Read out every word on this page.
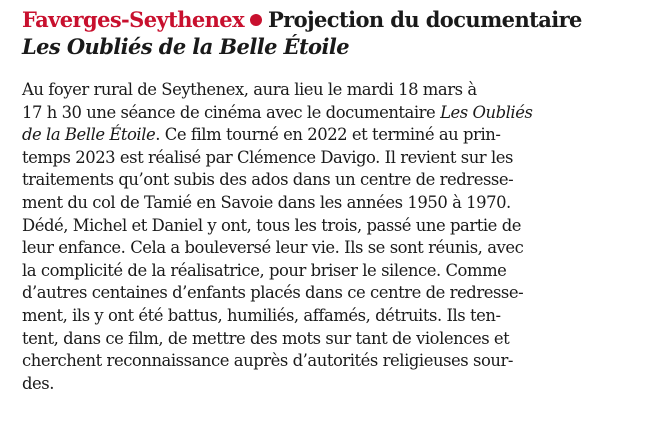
Faverges-Seythenex Projection du documentaire
Les Oubliés de la Belle Étoile

Au foyer rural de Seythenex, aura lieu le mardi 18 mars à
17 h 30 une séance de cinéma avec le documentaire Les Oubliés
de la Belle Étoile. Ce film tourné en 2022 et terminé au prin-
temps 2023 est réalisé par Clémence Davigo. Il revient sur les
traitements qu’ont subis des ados dans un centre de redresse-
ment du col de Tamié en Savoie dans les années 1950 à 1970.
Dédé, Michel et Daniel y ont, tous les trois, passé une partie de
leur enfance. Cela a bouleversé leur vie. Ils se sont réunis, avec
la complicité de la réalisatrice, pour briser le silence. Comme
d’autres centaines d’enfants placés dans ce centre de redresse-
ment, ils y ont été battus, humiliés, affamés, détruits. Ils ten-
tent, dans ce film, de mettre des mots sur tant de violences et
cherchent reconnaissance auprès d’autorités religieuses sour-
des.
